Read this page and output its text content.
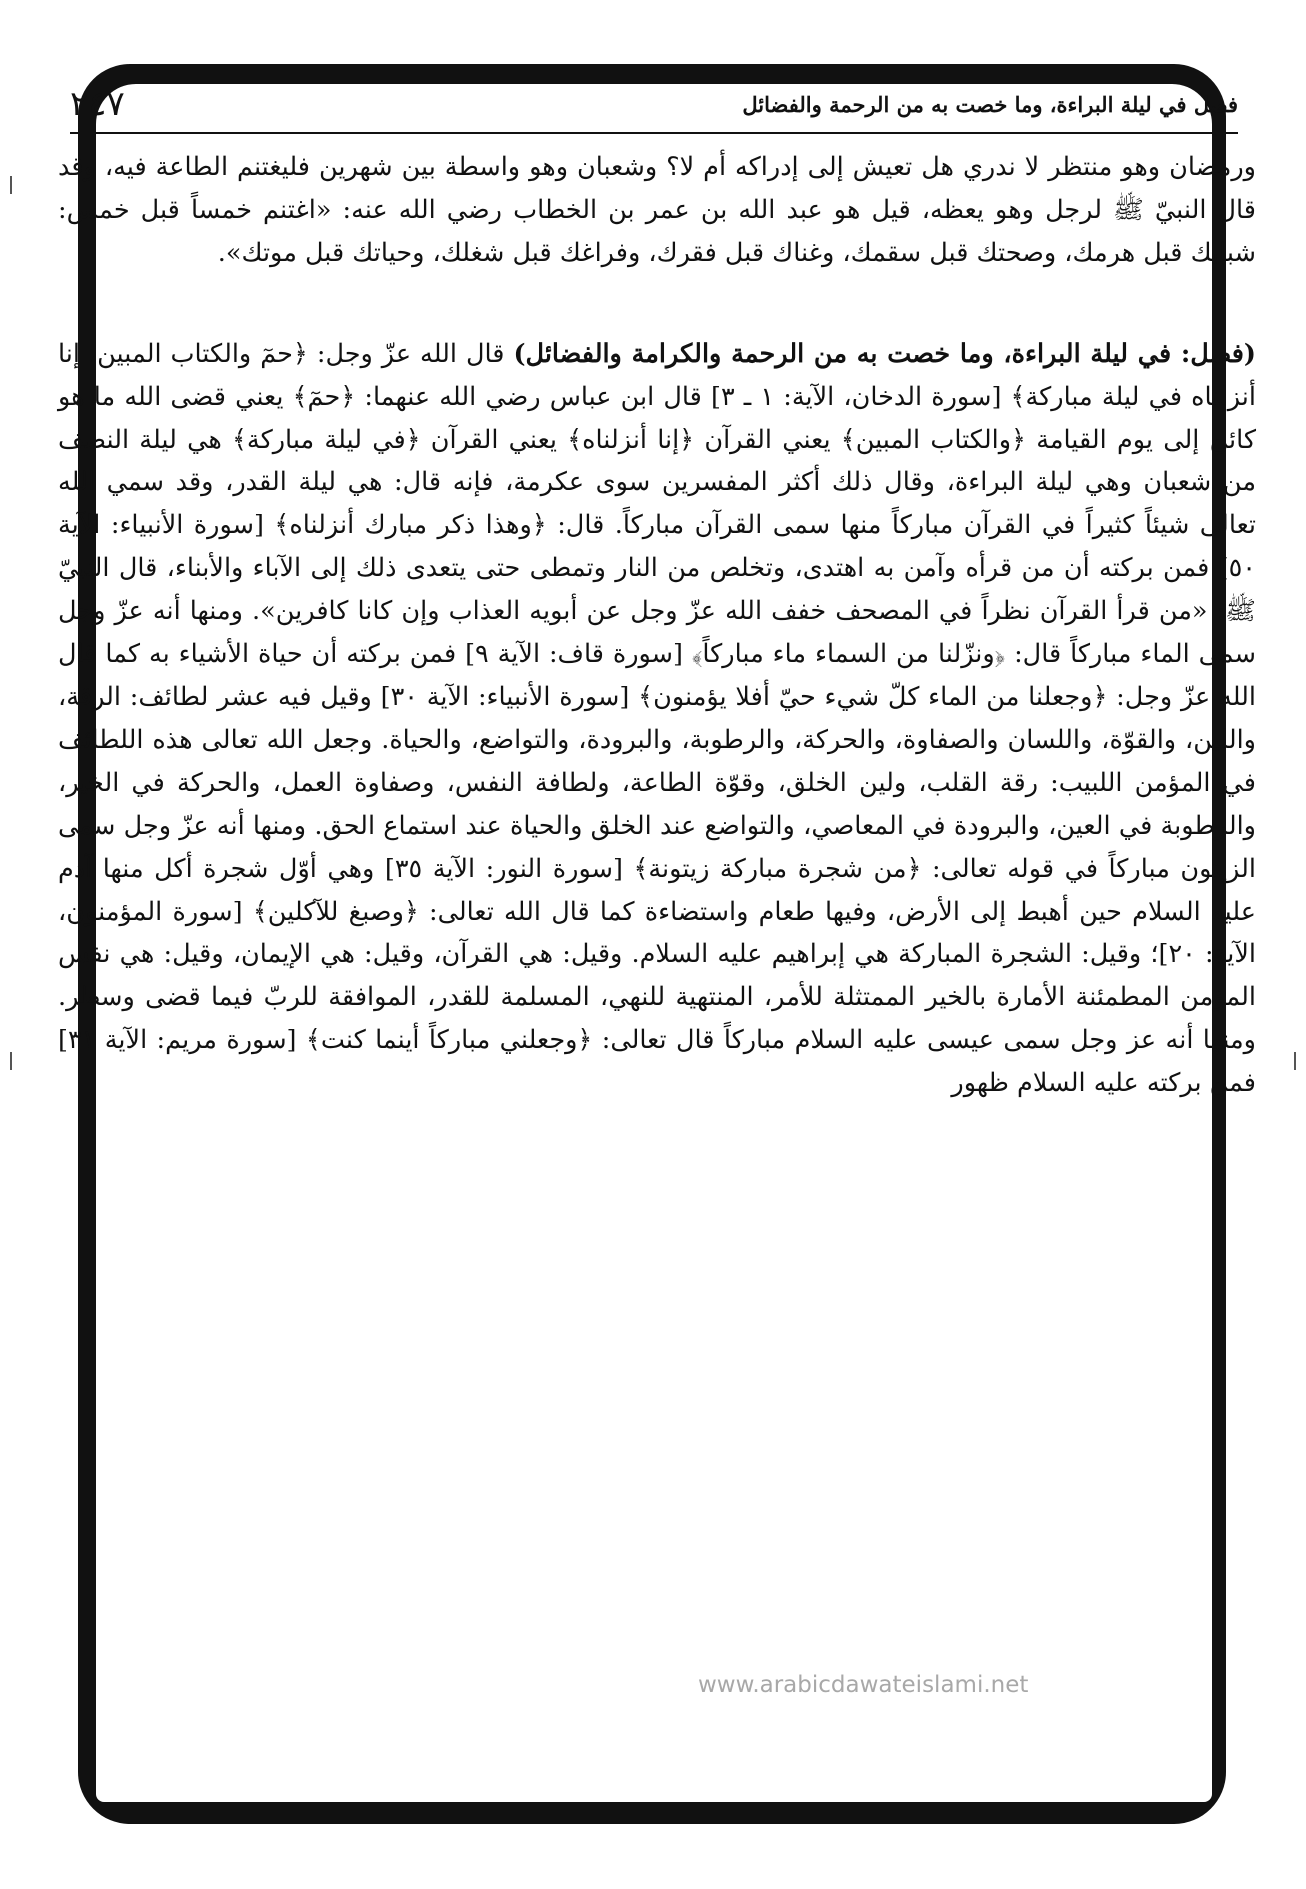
فصل في ليلة البراءة، وما خصت به من الرحمة والفضائل
٢٤٧

ورمضان وهو منتظر لا ندري هل تعيش إلى إدراكه أم لا؟ وشعبان وهو واسطة بين شهرين فليغتنم الطاعة فيه، وقد قال النبيّ ﷺ لرجل وهو يعظه، قيل هو عبد الله بن عمر بن الخطاب رضي الله عنه: «اغتنم خمساً قبل خمس: شبابك قبل هرمك، وصحتك قبل سقمك، وغناك قبل فقرك، وفراغك قبل شغلك، وحياتك قبل موتك».

(فصل: في ليلة البراءة، وما خصت به من الرحمة والكرامة والفضائل) قال الله عزّ وجل: ﴿حمٓ والكتاب المبين، إنا أنزلناه في ليلة مباركة﴾ [سورة الدخان، الآية: ١ ـ ٣] قال ابن عباس رضي الله عنهما: ﴿حمٓ﴾ يعني قضى الله ما هو كائن إلى يوم القيامة ﴿والكتاب المبين﴾ يعني القرآن ﴿إنا أنزلناه﴾ يعني القرآن ﴿في ليلة مباركة﴾ هي ليلة النصف من شعبان وهي ليلة البراءة، وقال ذلك أكثر المفسرين سوى عكرمة، فإنه قال: هي ليلة القدر، وقد سمي الله تعالى شيئاً كثيراً في القرآن مباركاً منها سمى القرآن مباركاً. قال: ﴿وهذا ذكر مبارك أنزلناه﴾ [سورة الأنبياء: الآية ٥٠] فمن بركته أن من قرأه وآمن به اهتدى، وتخلص من النار وتمطى حتى يتعدى ذلك إلى الآباء والأبناء، قال النبيّ ﷺ: «من قرأ القرآن نظراً في المصحف خفف الله عزّ وجل عن أبويه العذاب وإن كانا كافرين». ومنها أنه عزّ وجل سمى الماء مباركاً قال: ﴿ونزّلنا من السماء ماء مباركاً﴾ [سورة قاف: الآية ٩] فمن بركته أن حياة الأشياء به كما قال الله عزّ وجل: ﴿وجعلنا من الماء كلّ شيء حيّ أفلا يؤمنون﴾ [سورة الأنبياء: الآية ٣٠] وقيل فيه عشر لطائف: الرقة، واللين، والقوّة، واللسان والصفاوة، والحركة، والرطوبة، والبرودة، والتواضع، والحياة. وجعل الله تعالى هذه اللطائف في المؤمن اللبيب: رقة القلب، ولين الخلق، وقوّة الطاعة، ولطافة النفس، وصفاوة العمل، والحركة في الخير، والرطوبة في العين، والبرودة في المعاصي، والتواضع عند الخلق والحياة عند استماع الحق. ومنها أنه عزّ وجل سمى الزيتون مباركاً في قوله تعالى: ﴿من شجرة مباركة زيتونة﴾ [سورة النور: الآية ٣٥] وهي أوّل شجرة أكل منها آدم عليه السلام حين أهبط إلى الأرض، وفيها طعام واستضاءة كما قال الله تعالى: ﴿وصبغ للآكلين﴾ [سورة المؤمنون، الآية: ٢٠]؛ وقيل: الشجرة المباركة هي إبراهيم عليه السلام. وقيل: هي القرآن، وقيل: هي الإيمان، وقيل: هي نفس المؤمن المطمئنة الأمارة بالخير الممتثلة للأمر، المنتهية للنهي، المسلمة للقدر، الموافقة للربّ فيما قضى وسطر. ومنها أنه عز وجل سمى عيسى عليه السلام مباركاً قال تعالى: ﴿وجعلني مباركاً أينما كنت﴾ [سورة مريم: الآية ٣١] فمن بركته عليه السلام ظهور

www.arabicdawateislami.net
